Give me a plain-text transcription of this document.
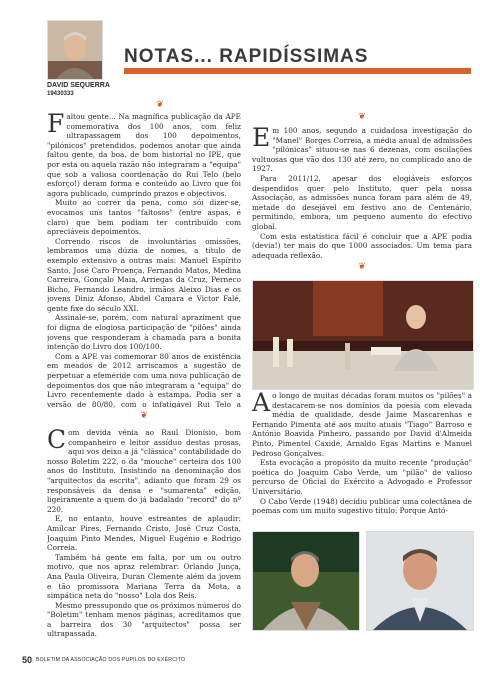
NOTAS... RAPIDÍSSIMAS
DAVID SEQUERRA
19430333
❦

Faltou gente... Na magnífica publicação da APE comemorativa dos 100 anos, com feliz ultrapassagem dos 100 depoimentos, "pilónicos" pretendidos, podemos anotar que ainda faltou gente, da boa, de bom historial no IPE, que por esta ou aquela razão não integraram a "equipa" que sob a valiosa coordenação do Rui Telo (belo esforço!) deram forma e conteúdo ao Livro que foi agora publicado, cumprindo prazos e objectivos.

Muito ao correr da pena, como sói dizer-se, evocamos uns tantos "faltosos" (entre aspas, é claro) que bem podiam ter contribuído com apreciáveis depoimentos.

Correndo riscos de involuntárias omissões, lembramos uma dúzia de nomes, a título de exemplo extensivo a outras mais: Manuel Espírito Santo, José Caro Proença, Fernando Matos, Medina Carreira, Gonçalo Maia, Arriegas da Cruz, Perneco Bicho, Fernando Leandro, irmãos Aleixo Dias e os jovens Diniz Afonso, Abdel Camara e Victor Falé, gente fixe do século XXI.

Assinale-se, porém, com natural apraziment que foi digna de elogiosa participação de "pilões" ainda jovens que responderam à chamada para a bonita intenção do Livro dos 100/100.

Com a APE vai comemorar 80 anos de existência em meados de 2012 arriscamos a sugestão de perpetuar a efeméride com uma nova publicação de depoimentos dos que não integraram a "equipa" do Livro recentemente dado à estampa. Podia ser a versão de 80/80, com o infatigável Rui Telo a

❦

Com devida vénia ao Raul Dionísio, bom companheiro e leitor assíduo destas prosas, aqui vos deixo a já "clássica" contabilidade do nosso Boletim 222, o da "mouche" certeira dos 100 anos do Instituto. Insistindo na denominação dos "arquitectos da escrita", adianto que foram 29 os responsáveis da densa e "sumarenta" edição, ligeiramente a quem do já badalado "record" do nº 220.

E, no entanto, houve estreantes de aplaudir: Amílcar Pires, Fernando Cristo, José Cruz Costa, Joaquim Pinto Mendes, Miguel Eugénio e Rodrigo Correia.

Também há gente em falta, por um ou outro motivo, que nos apraz relembrar: Orlando Junça, Ana Paula Oliveira, Duran Clemente além da jovem e tão promissora Mariana Terra da Mota, a simpática neta do "nosso" Lola dos Reis.

Mesmo pressupondo que os próximos números do "Boletim" tenham menos páginas, acreditamos que a barreira dos 30 "arquitectos" possa ser ultrapassada.

❦

Em 100 anos, segundo a cuidadosa investigação do "Manel" Borges Correia, a média anual de admissões "pilónicas" situou-se nas 6 dezenas, com oscilações vultuosas que vão dos 130 até zero, no complicado ano de 1927.

Para 2011/12, apesar dos elogiáveis esforços despendidos quer pelo Instituto, quer pela nossa Associação, as admissões nunca foram para além de 49, metade do desejável em festivo ano de Centenário, permitindo, embora, um pequeno aumento do efectivo global.

Com esta estatística fácil é concluir que a APE podia (devia!) ter mais do que 1000 associados. Um tema para adequada reflexão.

❦

Ao longo de muitas décadas foram muitos os "pilões" a destacarem-se nos domínios da poesia com elevada média de qualidade, desde Jaime Mascarenhas e Fernando Pimenta até aos muito atuais "Tiago" Barroso e António Boavida Pinheiro, passando por David d'Almeida Pinto, Pimentel Caxide, Arnaldo Egas Martins e Manuel Pedroso Gonçalves.

Esta evocação a propósito da muito recente "produção" poética do Joaquim Cabo Verde, um "pilão" de valioso percurso de Oficial do Exército a Advogado e Professor Universitário.

O Cabo Verde (1948) decidiu publicar uma colectânea de poemas com um muito sugestivo título: Porque Antó-

50 BOLETIM DA ASSOCIAÇÃO DOS PUPILOS DO EXÉRCITO
